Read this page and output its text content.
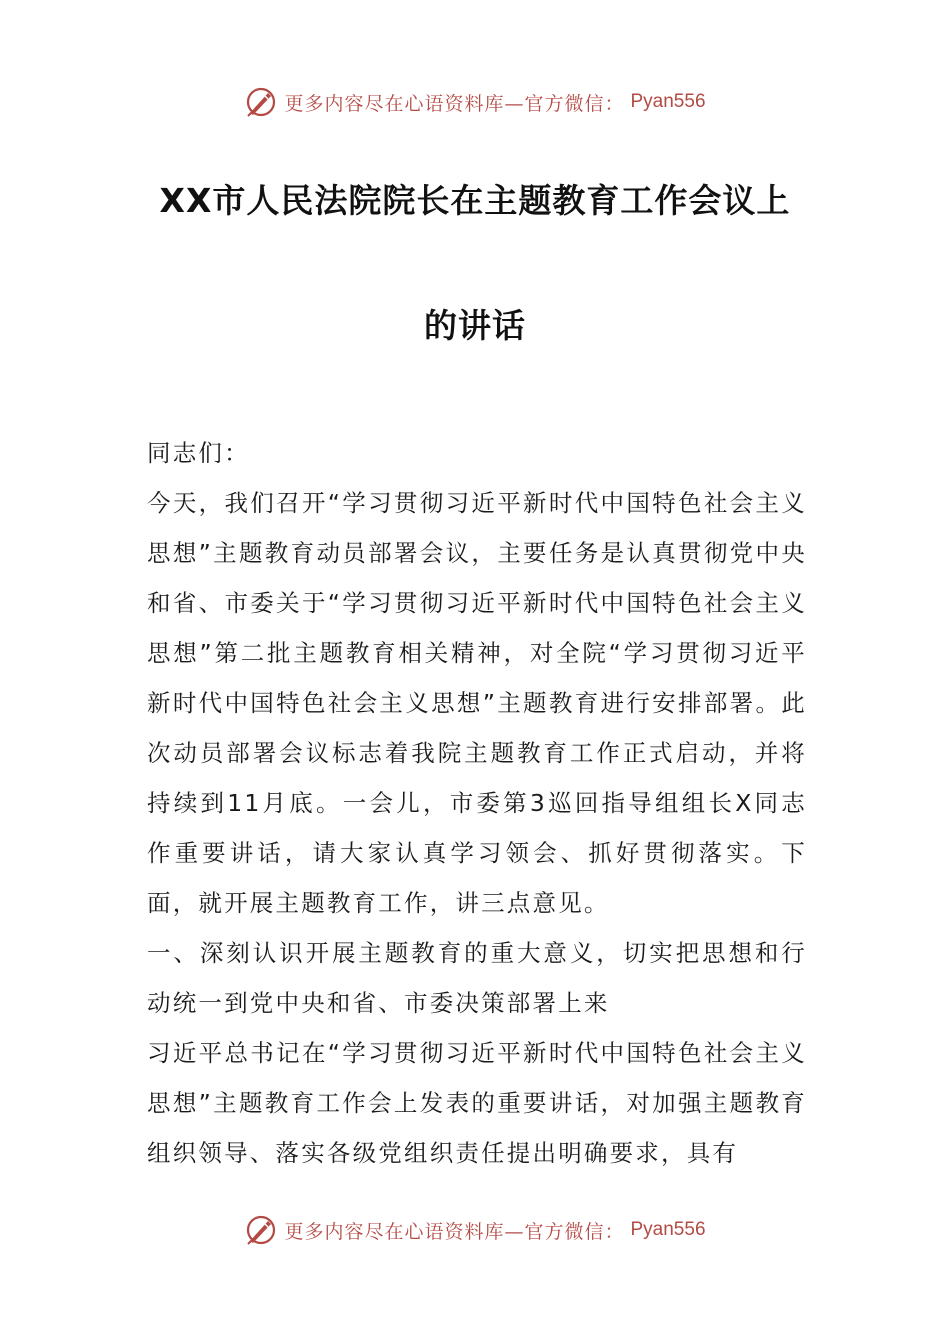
更多内容尽在心语资料库—官方微信： Pyan556
XX市人民法院院长在主题教育工作会议上
的讲话

同志们：

今天，我们召开“学习贯彻习近平新时代中国特色社会主义思想”主题教育动员部署会议，主要任务是认真贯彻党中央和省、市委关于“学习贯彻习近平新时代中国特色社会主义思想”第二批主题教育相关精神，对全院“学习贯彻习近平新时代中国特色社会主义思想”主题教育进行安排部署。此次动员部署会议标志着我院主题教育工作正式启动，并将持续到11月底。一会儿，市委第3巡回指导组组长X同志作重要讲话，请大家认真学习领会、抓好贯彻落实。下面，就开展主题教育工作，讲三点意见。

一、深刻认识开展主题教育的重大意义，切实把思想和行动统一到党中央和省、市委决策部署上来

习近平总书记在“学习贯彻习近平新时代中国特色社会主义思想”主题教育工作会上发表的重要讲话，对加强主题教育组织领导、落实各级党组织责任提出明确要求，具有

更多内容尽在心语资料库—官方微信： Pyan556
